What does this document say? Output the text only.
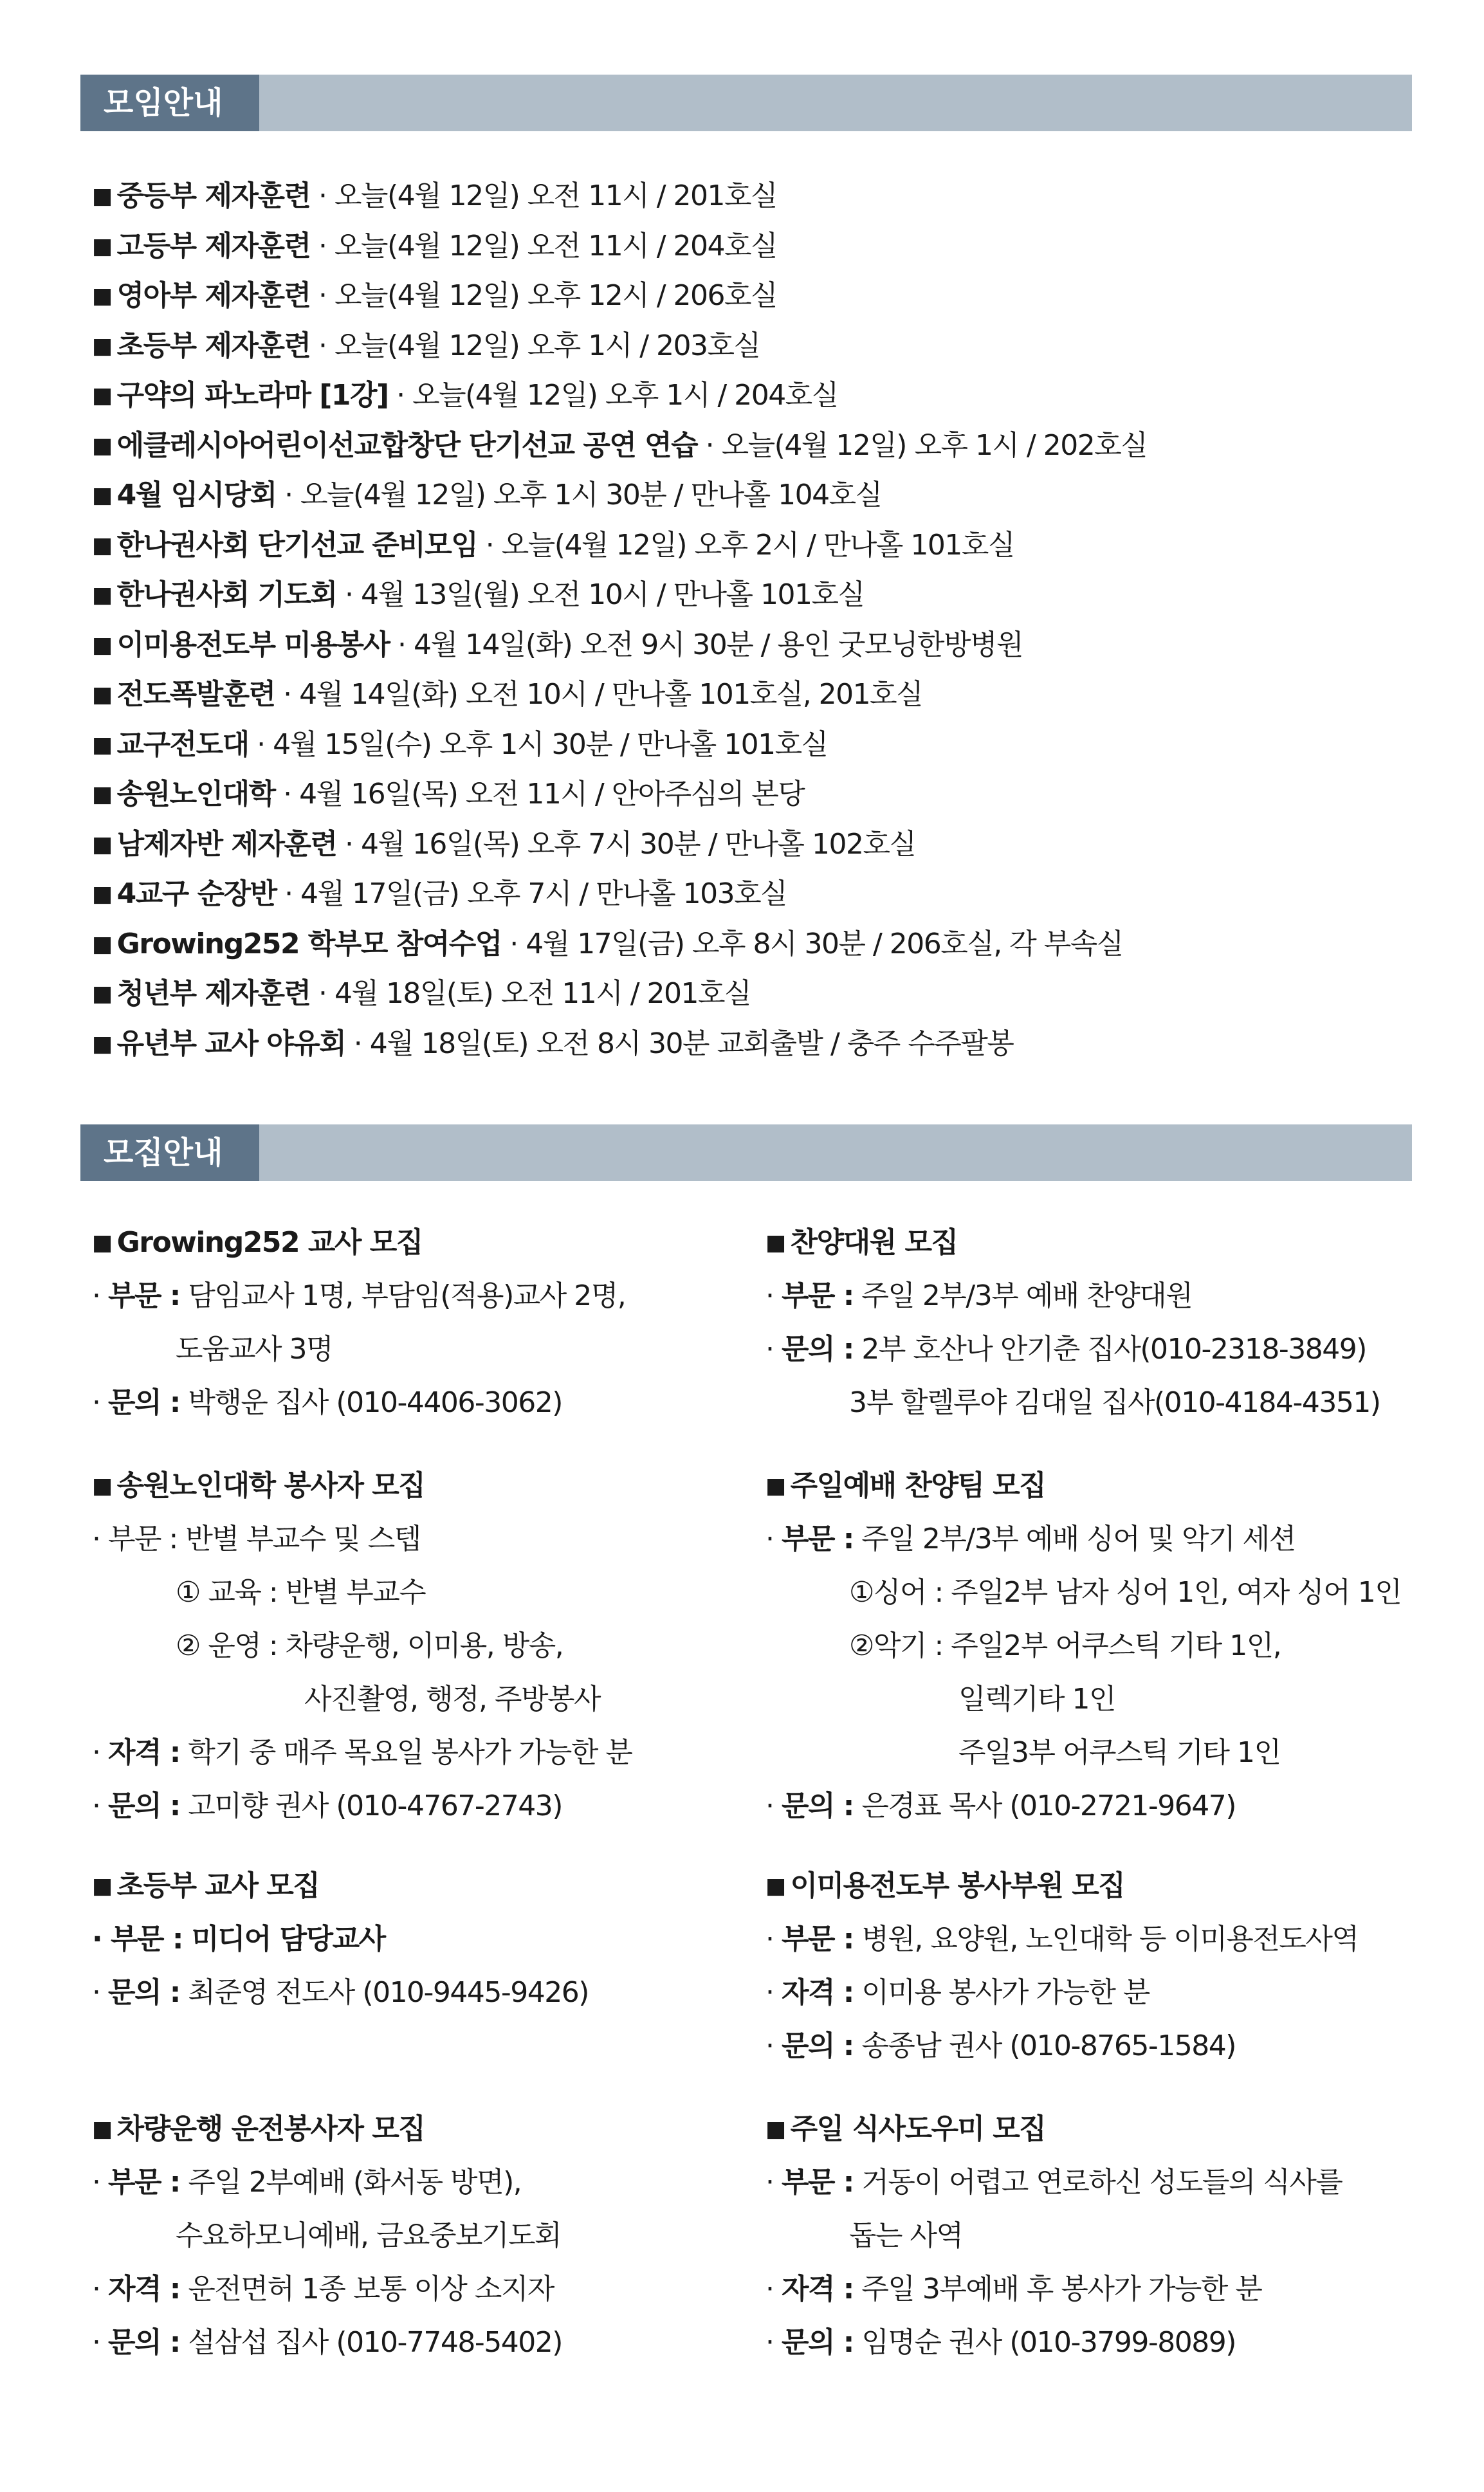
모임안내
■ 중등부 제자훈련 · 오늘(4월 12일) 오전 11시 / 201호실
■ 고등부 제자훈련 · 오늘(4월 12일) 오전 11시 / 204호실
■ 영아부 제자훈련 · 오늘(4월 12일) 오후 12시 / 206호실
■ 초등부 제자훈련 · 오늘(4월 12일) 오후 1시 / 203호실
■ 구약의 파노라마 [1강] · 오늘(4월 12일) 오후 1시 / 204호실
■ 에클레시아어린이선교합창단 단기선교 공연 연습 · 오늘(4월 12일) 오후 1시 / 202호실
■ 4월 임시당회 · 오늘(4월 12일) 오후 1시 30분 / 만나홀 104호실
■ 한나권사회 단기선교 준비모임 · 오늘(4월 12일) 오후 2시 / 만나홀 101호실
■ 한나권사회 기도회 · 4월 13일(월) 오전 10시 / 만나홀 101호실
■ 이미용전도부 미용봉사 · 4월 14일(화) 오전 9시 30분 / 용인 굿모닝한방병원
■ 전도폭발훈련 · 4월 14일(화) 오전 10시 / 만나홀 101호실, 201호실
■ 교구전도대 · 4월 15일(수) 오후 1시 30분 / 만나홀 101호실
■ 송원노인대학 · 4월 16일(목) 오전 11시 / 안아주심의 본당
■ 남제자반 제자훈련 · 4월 16일(목) 오후 7시 30분 / 만나홀 102호실
■ 4교구 순장반 · 4월 17일(금) 오후 7시 / 만나홀 103호실
■ Growing252 학부모 참여수업 · 4월 17일(금) 오후 8시 30분 / 206호실, 각 부속실
■ 청년부 제자훈련 · 4월 18일(토) 오전 11시 / 201호실
■ 유년부 교사 야유회 · 4월 18일(토) 오전 8시 30분 교회출발 / 충주 수주팔봉
모집안내
■ Growing252 교사 모집
· 부문 : 담임교사 1명, 부담임(적용)교사 2명,
도움교사 3명
· 문의 : 박행운 집사 (010-4406-3062)
■ 송원노인대학 봉사자 모집
· 부문 : 반별 부교수 및 스텝
① 교육 : 반별 부교수
② 운영 : 차량운행, 이미용, 방송,
사진촬영, 행정, 주방봉사
· 자격 : 학기 중 매주 목요일 봉사가 가능한 분
· 문의 : 고미향 권사 (010-4767-2743)
■ 초등부 교사 모집
· 부문 : 미디어 담당교사
· 문의 : 최준영 전도사 (010-9445-9426)
■ 차량운행 운전봉사자 모집
· 부문 : 주일 2부예배 (화서동 방면),
수요하모니예배, 금요중보기도회
· 자격 : 운전면허 1종 보통 이상 소지자
· 문의 : 설삼섭 집사 (010-7748-5402)
■ 찬양대원 모집
· 부문 : 주일 2부/3부 예배 찬양대원
· 문의 : 2부 호산나 안기춘 집사(010-2318-3849)
3부 할렐루야 김대일 집사(010-4184-4351)
■ 주일예배 찬양팀 모집
· 부문 : 주일 2부/3부 예배 싱어 및 악기 세션
①싱어 : 주일2부 남자 싱어 1인, 여자 싱어 1인
②악기 : 주일2부 어쿠스틱 기타 1인,
일렉기타 1인
주일3부 어쿠스틱 기타 1인
· 문의 : 은경표 목사 (010-2721-9647)
■ 이미용전도부 봉사부원 모집
· 부문 : 병원, 요양원, 노인대학 등 이미용전도사역
· 자격 : 이미용 봉사가 가능한 분
· 문의 : 송종남 권사 (010-8765-1584)
■ 주일 식사도우미 모집
· 부문 : 거동이 어렵고 연로하신 성도들의 식사를
돕는 사역
· 자격 : 주일 3부예배 후 봉사가 가능한 분
· 문의 : 임명순 권사 (010-3799-8089)
